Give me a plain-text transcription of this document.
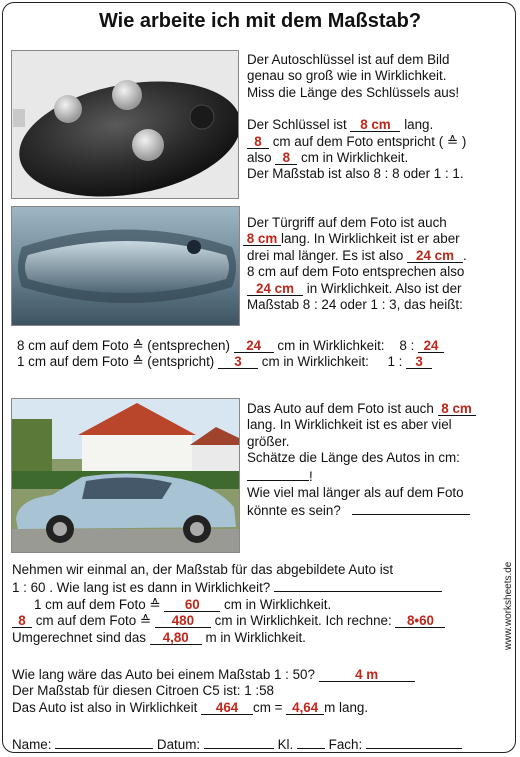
Wie arbeite ich mit dem Maßstab?
Der Autoschlüssel ist auf dem Bild
genau so groß wie in Wirklichkeit.
Miss die Länge des Schlüssels aus!
Der Schlüssel ist 8 cm lang.
8 cm auf dem Foto entspricht ( ≙ )
also 8 cm in Wirklichkeit.
Der Maßstab ist also 8 : 8 oder 1 : 1.
Der Türgriff auf dem Foto ist auch
8 cm lang. In Wirklichkeit ist er aber
drei mal länger. Es ist also 24 cm .
8 cm auf dem Foto entsprechen also
24 cm in Wirklichkeit. Also ist der
Maßstab 8 : 24 oder 1 : 3, das heißt:
8 cm auf dem Foto ≙ (entsprechen) 24 cm in Wirklichkeit: 8 : 24
1 cm auf dem Foto ≙ (entspricht) 3 cm in Wirklichkeit: 1 : 3
Das Auto auf dem Foto ist auch 8 cm
lang. In Wirklichkeit ist es aber viel
größer.
Schätze die Länge des Autos in cm:
!
Wie viel mal länger als auf dem Foto
könnte es sein?
Nehmen wir einmal an, der Maßstab für das abgebildete Auto ist
1 : 60 . Wie lang ist es dann in Wirklichkeit?
1 cm auf dem Foto ≙ 60 cm in Wirklichkeit.
8 cm auf dem Foto ≙ 480 cm in Wirklichkeit. Ich rechne: 8•60
Umgerechnet sind das 4,80 m in Wirklichkeit.
Wie lang wäre das Auto bei einem Maßstab 1 : 50?	4 m
Der Maßstab für diesen Citroen C5 ist: 1 :58
Das Auto ist also in Wirklichkeit 464 cm = 4,64 m lang.
Name:	Datum:	Kl.	Fach:
www.worksheets.de
